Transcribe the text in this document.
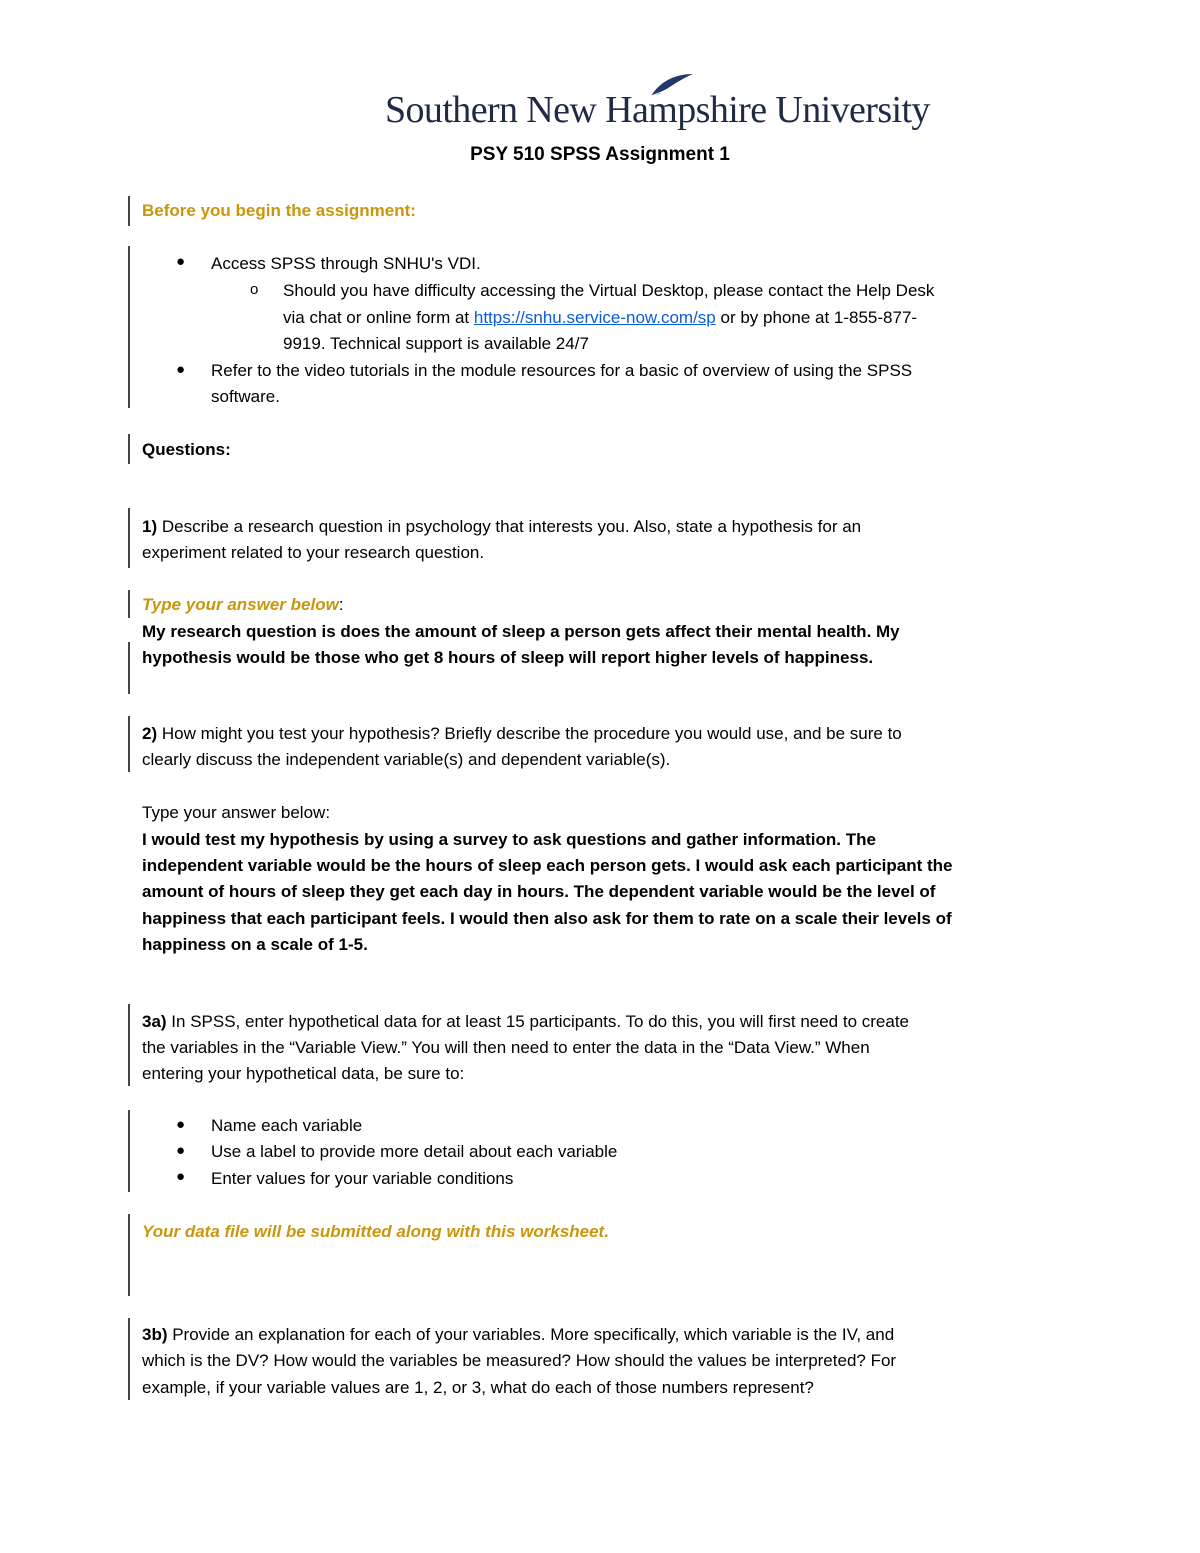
Southern New Hampshire University
PSY 510 SPSS Assignment 1
Before you begin the assignment:
● Access SPSS through SNHU's VDI.
o Should you have difficulty accessing the Virtual Desktop, please contact the Help Desk
via chat or online form at https://snhu.service-now.com/sp or by phone at 1-855-877-
9919. Technical support is available 24/7
● Refer to the video tutorials in the module resources for a basic of overview of using the SPSS
software.
Questions:
1) Describe a research question in psychology that interests you. Also, state a hypothesis for an
experiment related to your research question.
Type your answer below:
My research question is does the amount of sleep a person gets affect their mental health. My
hypothesis would be those who get 8 hours of sleep will report higher levels of happiness.
2) How might you test your hypothesis? Briefly describe the procedure you would use, and be sure to
clearly discuss the independent variable(s) and dependent variable(s).
Type your answer below:
I would test my hypothesis by using a survey to ask questions and gather information. The
independent variable would be the hours of sleep each person gets. I would ask each participant the
amount of hours of sleep they get each day in hours. The dependent variable would be the level of
happiness that each participant feels. I would then also ask for them to rate on a scale their levels of
happiness on a scale of 1-5.
3a) In SPSS, enter hypothetical data for at least 15 participants. To do this, you will first need to create
the variables in the “Variable View.” You will then need to enter the data in the “Data View.” When
entering your hypothetical data, be sure to:
● Name each variable
● Use a label to provide more detail about each variable
● Enter values for your variable conditions
Your data file will be submitted along with this worksheet.
3b) Provide an explanation for each of your variables. More specifically, which variable is the IV, and
which is the DV? How would the variables be measured? How should the values be interpreted? For
example, if your variable values are 1, 2, or 3, what do each of those numbers represent?
